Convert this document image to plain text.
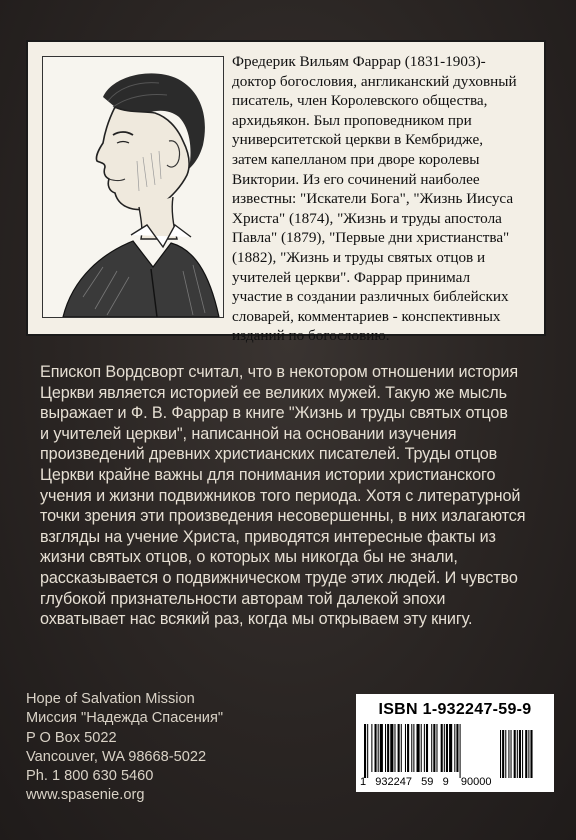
Фредерик Вильям Фаррар (1831-1903)-
доктор богословия, англиканский духовный
писатель, член Королевского общества,
архидьякон. Был проповедником при
университетской церкви в Кембридже,
затем капелланом при дворе королевы
Виктории. Из его сочинений наиболее
известны: "Искатели Бога", "Жизнь Иисуса
Христа" (1874), "Жизнь и труды апостола
Павла" (1879), "Первые дни христианства"
(1882), "Жизнь и труды святых отцов и
учителей церкви". Фаррар принимал
участие в создании различных библейских
словарей, комментариев - конспективных
изданий по богословию.
Епископ Вордсворт считал, что в некотором отношении история
Церкви является историей ее великих мужей. Такую же мысль
выражает и Ф. В. Фаррар в книге "Жизнь и труды святых отцов
и учителей церкви", написанной на основании изучения
произведений древних христианских писателей. Труды отцов
Церкви крайне важны для понимания истории христианского
учения и жизни подвижников того периода. Хотя с литературной
точки зрения эти произведения несовершенны, в них излагаются
взгляды на учение Христа, приводятся интересные факты из
жизни святых отцов, о которых мы никогда бы не знали,
рассказывается о подвижническом труде этих людей. И чувство
глубокой признательности авторам той далекой эпохи
охватывает нас всякий раз, когда мы открываем эту книгу.
Hope of Salvation Mission
Миссия "Надежда Спасения"
P O Box 5022
Vancouver, WA 98668-5022
Ph. 1 800 630 5460
www.spasenie.org
ISBN 1-932247-59-9
1   932247   59   9    90000
